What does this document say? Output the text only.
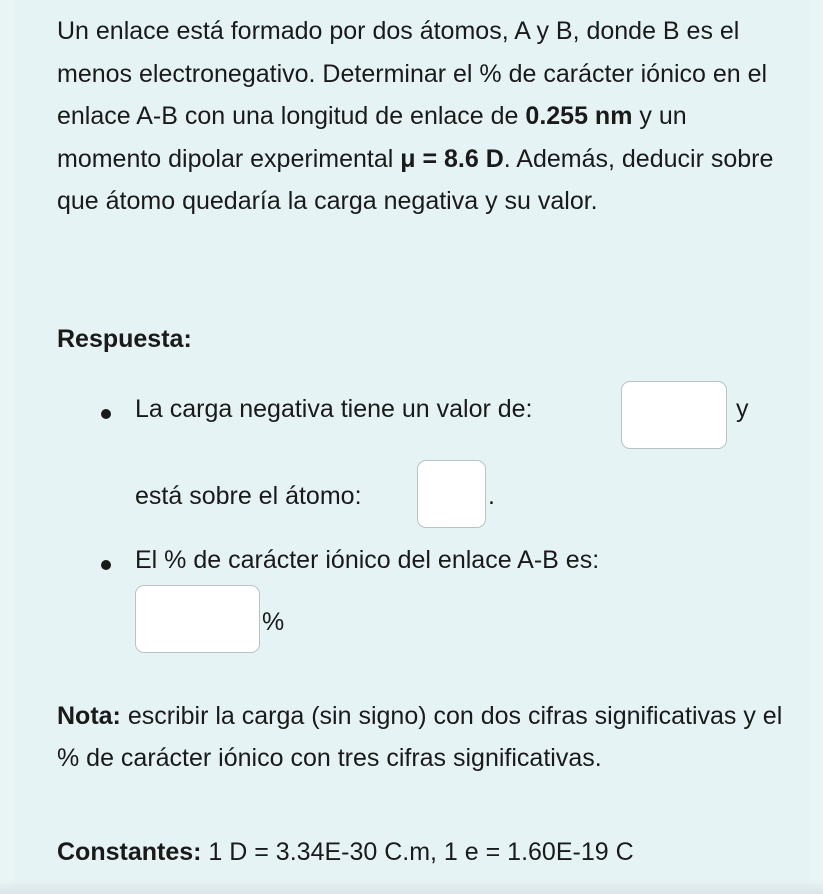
Un enlace está formado por dos átomos, A y B, donde B es el menos electronegativo. Determinar el % de carácter iónico en el enlace A-B con una longitud de enlace de 0.255 nm y un momento dipolar experimental μ = 8.6 D. Además, deducir sobre que átomo quedaría la carga negativa y su valor.
Respuesta:
La carga negativa tiene un valor de:	y
está sobre el átomo:	.
El % de carácter iónico del enlace A-B es:
%
Nota: escribir la carga (sin signo) con dos cifras significativas y el % de carácter iónico con tres cifras significativas.
Constantes: 1 D = 3.34E-30 C.m, 1 e = 1.60E-19 C
